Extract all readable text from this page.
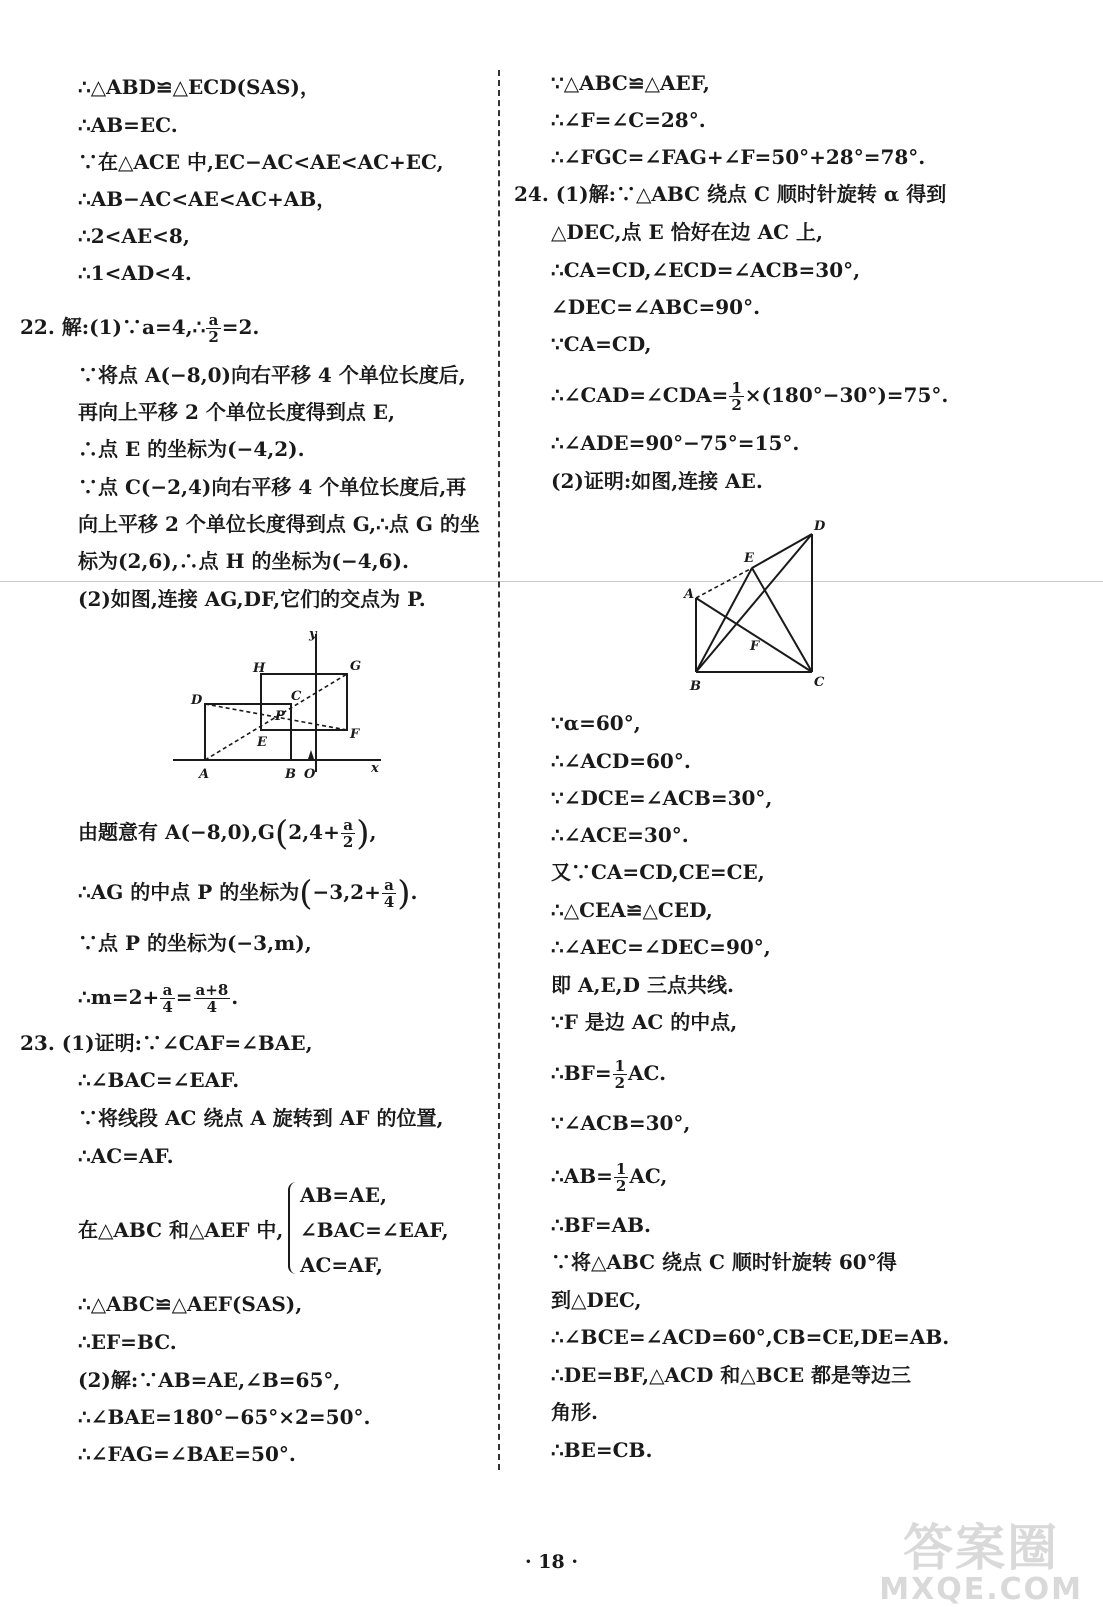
∴△ABD≌△ECD(SAS)，
∴AB=EC.
∵在△ACE 中,EC−AC<AE<AC+EC,
∴AB−AC<AE<AC+AB，
∴2<AE<8,
∴1<AD<4.
22. 解:(1)∵a=4,∴ $\frac{a}{2} =2$.
∵将点 A(−8,0)向右平移 4 个单位长度后,
再向上平移 2 个单位长度得到点 E,
∴点 E 的坐标为(−4,2).
∵点 C(−2,4)向右平移 4 个单位长度后,再
向上平移 2 个单位长度得到点 G,∴点 G 的坐
标为(2,6),∴点 H 的坐标为(−4,6).
(2)如图,连接 AG,DF,它们的交点为 P.
y
x
H	G
C
D
P
F
E
A	B O
由题意有 $A(-8,0),G(2,4+ \frac{a}{2}$ ),
∴AG 的中点 P 的坐标为($-3,2+ \frac{a}{4}$ ).
∵点 P 的坐标为(−3,m),
∴m=2+ $\frac{a}{4} = \frac{a+8}{4}$ .
23. (1)证明:∵∠CAF=∠BAE,
∴∠BAC=∠EAF.
∵将线段 AC 绕点 A 旋转到 AF 的位置,
∴AC=AF.
在△ABC 和△AEF 中,
AB=AE,
∠BAC=∠EAF,
AC=AF,
∴△ABC≌△AEF(SAS),
∴EF=BC.
(2)解:∵AB=AE,∠B=65°,
∴∠BAE=180°−65°×2=50°.
∴∠FAG=∠BAE=50°.
∵△ABC≌△AEF,
∴∠F=∠C=28°.
∴∠FGC=∠FAG+∠F=50°+28°=78°.
24. (1)解:∵△ABC 绕点 C 顺时针旋转 α 得到
△DEC,点 E 恰好在边 AC 上,
∴CA=CD,∠ECD=∠ACB=30°,
∠DEC=∠ABC=90°.
∵CA=CD,
∴∠CAD=∠CDA= $\frac{1}{2} \times(180^\circ-30^\circ)=75^\circ$.
∴∠ADE=90°−75°=15°.
(2)证明:如图,连接 AE.
D
E
A
F
B	C
∵α=60°,
∴∠ACD=60°.
∵∠DCE=∠ACB=30°,
∴∠ACE=30°.
又∵CA=CD,CE=CE,
∴△CEA≌△CED,
∴∠AEC=∠DEC=90°,
即 A,E,D 三点共线.
∵F 是边 AC 的中点,
∴BF= $\frac{1}{2}$ AC.
∵∠ACB=30°,
∴AB= $\frac{1}{2}$ AC,
∴BF=AB.
∵将△ABC 绕点 C 顺时针旋转 60°得
到△DEC,
∴∠BCE=∠ACD=60°,CB=CE,DE=AB.
∴DE=BF,△ACD 和△BCE 都是等边三
角形.
∴BE=CB.
· 18 ·	答案圈
MXQE.COM
